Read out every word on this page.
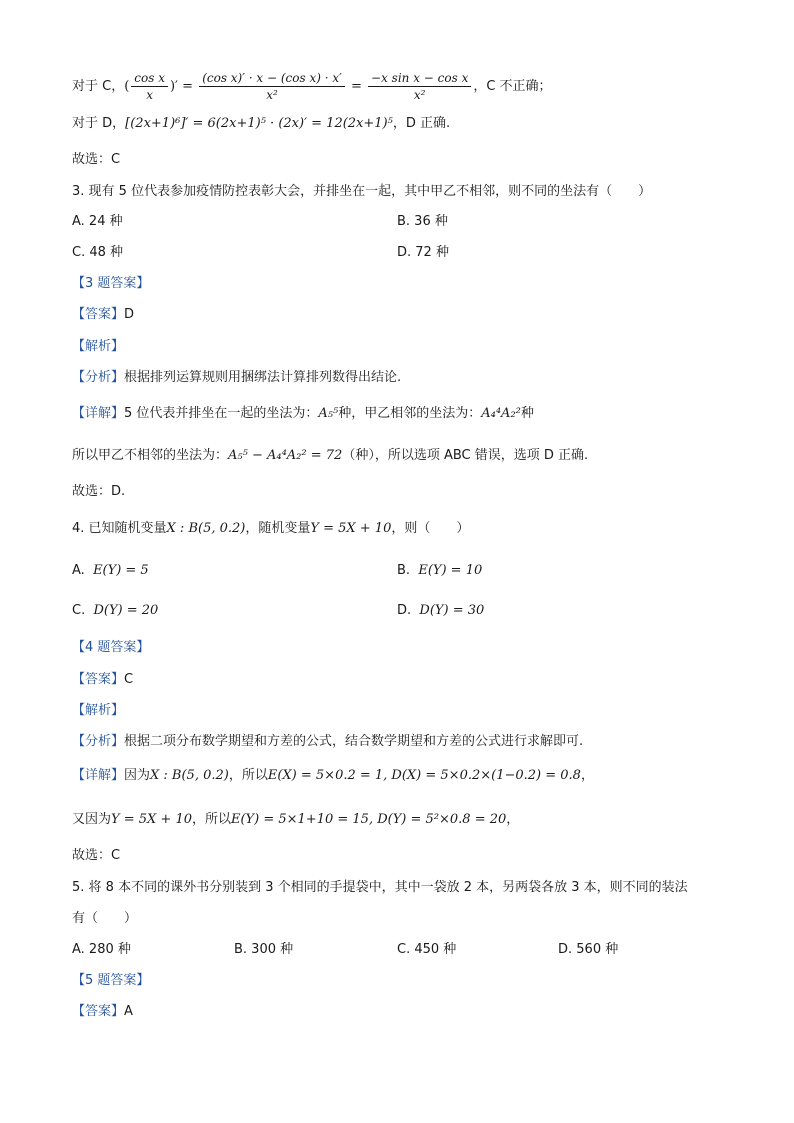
对于 C，( $\frac{\text{cos x}}{x}$ )′ = $\frac{\text{(cos x)′ · x − (cos x) · x′}}{\text{x²}} = \frac{\text{−x sin x − cos x}}{\text{x²}}$ ，C 不正确；
对于 D，[(2x+1)⁶]′ = 6(2x+1)⁵ · (2x)′ = 12(2x+1)⁵，D 正确.
故选：C
3. 现有 5 位代表参加疫情防控表彰大会，并排坐在一起，其中甲乙不相邻，则不同的坐法有（　　）
A. 24 种	B. 36 种
C. 48 种	D. 72 种
【3 题答案】
【答案】D
【解析】
【分析】根据排列运算规则用捆绑法计算排列数得出结论.
【详解】5 位代表并排坐在一起的坐法为：A₅⁵种，甲乙相邻的坐法为：A₄⁴A₂²种
所以甲乙不相邻的坐法为：A₅⁵ − A₄⁴A₂² = 72（种），所以选项 ABC 错误，选项 D 正确.
故选：D.
4. 已知随机变量X : B(5, 0.2)，随机变量Y = 5X + 10，则（　　）
A. E(Y) = 5	B. E(Y) = 10
C. D(Y) = 20	D. D(Y) = 30
【4 题答案】
【答案】C
【解析】
【分析】根据二项分布数学期望和方差的公式，结合数学期望和方差的公式进行求解即可.
【详解】因为X : B(5, 0.2)，所以E(X) = 5×0.2 = 1, D(X) = 5×0.2×(1−0.2) = 0.8，
又因为Y = 5X + 10，所以E(Y) = 5×1+10 = 15, D(Y) = 5²×0.8 = 20，
故选：C
5. 将 8 本不同的课外书分别装到 3 个相同的手提袋中，其中一袋放 2 本，另两袋各放 3 本，则不同的装法
有（　　）
A. 280 种	B. 300 种	C. 450 种	D. 560 种
【5 题答案】
【答案】A
